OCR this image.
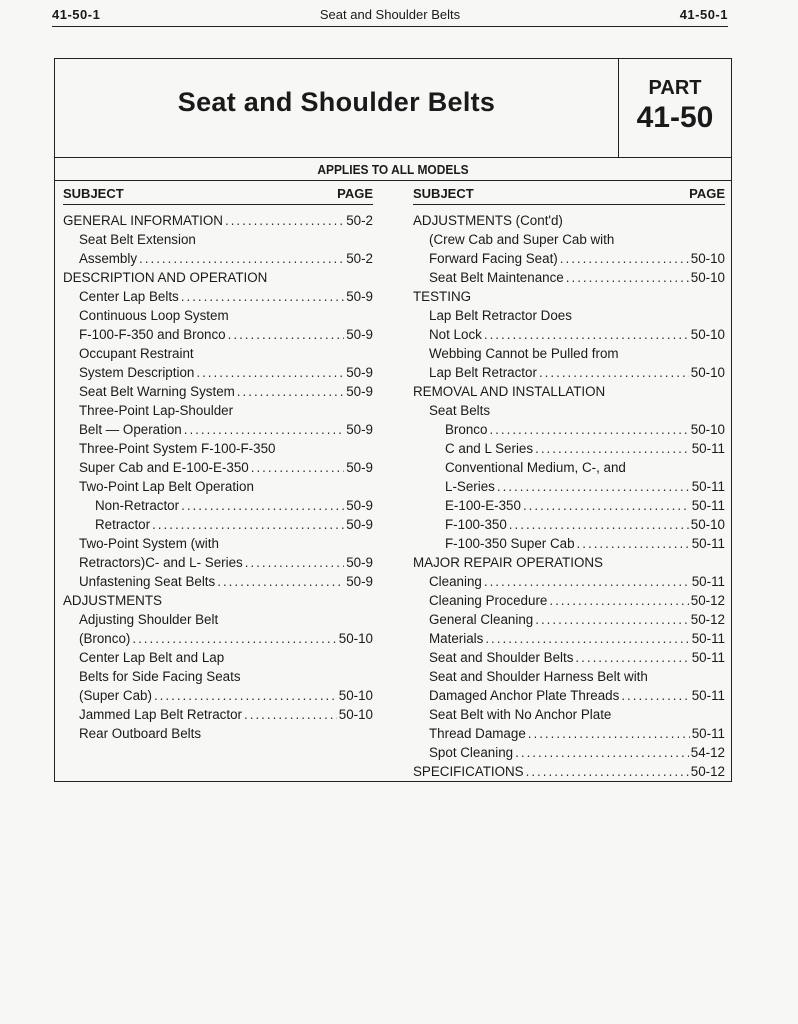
41-50-1	Seat and Shoulder Belts	41-50-1
Seat and Shoulder Belts	PART
41-50
APPLIES TO ALL MODELS
SUBJECT	PAGE
GENERAL INFORMATION .....	50-2
Seat Belt Extension
Assembly .....	50-2
DESCRIPTION AND OPERATION
Center Lap Belts .....	50-9
Continuous Loop System
F-100-F-350 and Bronco .....	50-9
Occupant Restraint
System Description .....	50-9
Seat Belt Warning System .....	50-9
Three-Point Lap-Shoulder
Belt — Operation .....	50-9
Three-Point System F-100-F-350
Super Cab and E-100-E-350 .....	50-9
Two-Point Lap Belt Operation
Non-Retractor .....	50-9
Retractor .....	50-9
Two-Point System (with
Retractors)C- and L- Series .....	50-9
Unfastening Seat Belts .....	50-9
ADJUSTMENTS
Adjusting Shoulder Belt
(Bronco) .....	50-10
Center Lap Belt and Lap
Belts for Side Facing Seats
(Super Cab) .....	50-10
Jammed Lap Belt Retractor .....	50-10
Rear Outboard Belts
SUBJECT	PAGE
ADJUSTMENTS (Cont'd)
(Crew Cab and Super Cab with
Forward Facing Seat) .....	50-10
Seat Belt Maintenance .....	50-10
TESTING
Lap Belt Retractor Does
Not Lock .....	50-10
Webbing Cannot be Pulled from
Lap Belt Retractor .....	50-10
REMOVAL AND INSTALLATION
Seat Belts
Bronco .....	50-10
C and L Series .....	50-11
Conventional Medium, C-, and
L-Series .....	50-11
E-100-E-350 .....	50-11
F-100-350 .....	50-10
F-100-350 Super Cab .....	50-11
MAJOR REPAIR OPERATIONS
Cleaning .....	50-11
Cleaning Procedure .....	50-12
General Cleaning .....	50-12
Materials .....	50-11
Seat and Shoulder Belts .....	50-11
Seat and Shoulder Harness Belt with
Damaged Anchor Plate Threads .....	50-11
Seat Belt with No Anchor Plate
Thread Damage .....	50-11
Spot Cleaning .....	54-12
SPECIFICATIONS .....	50-12
